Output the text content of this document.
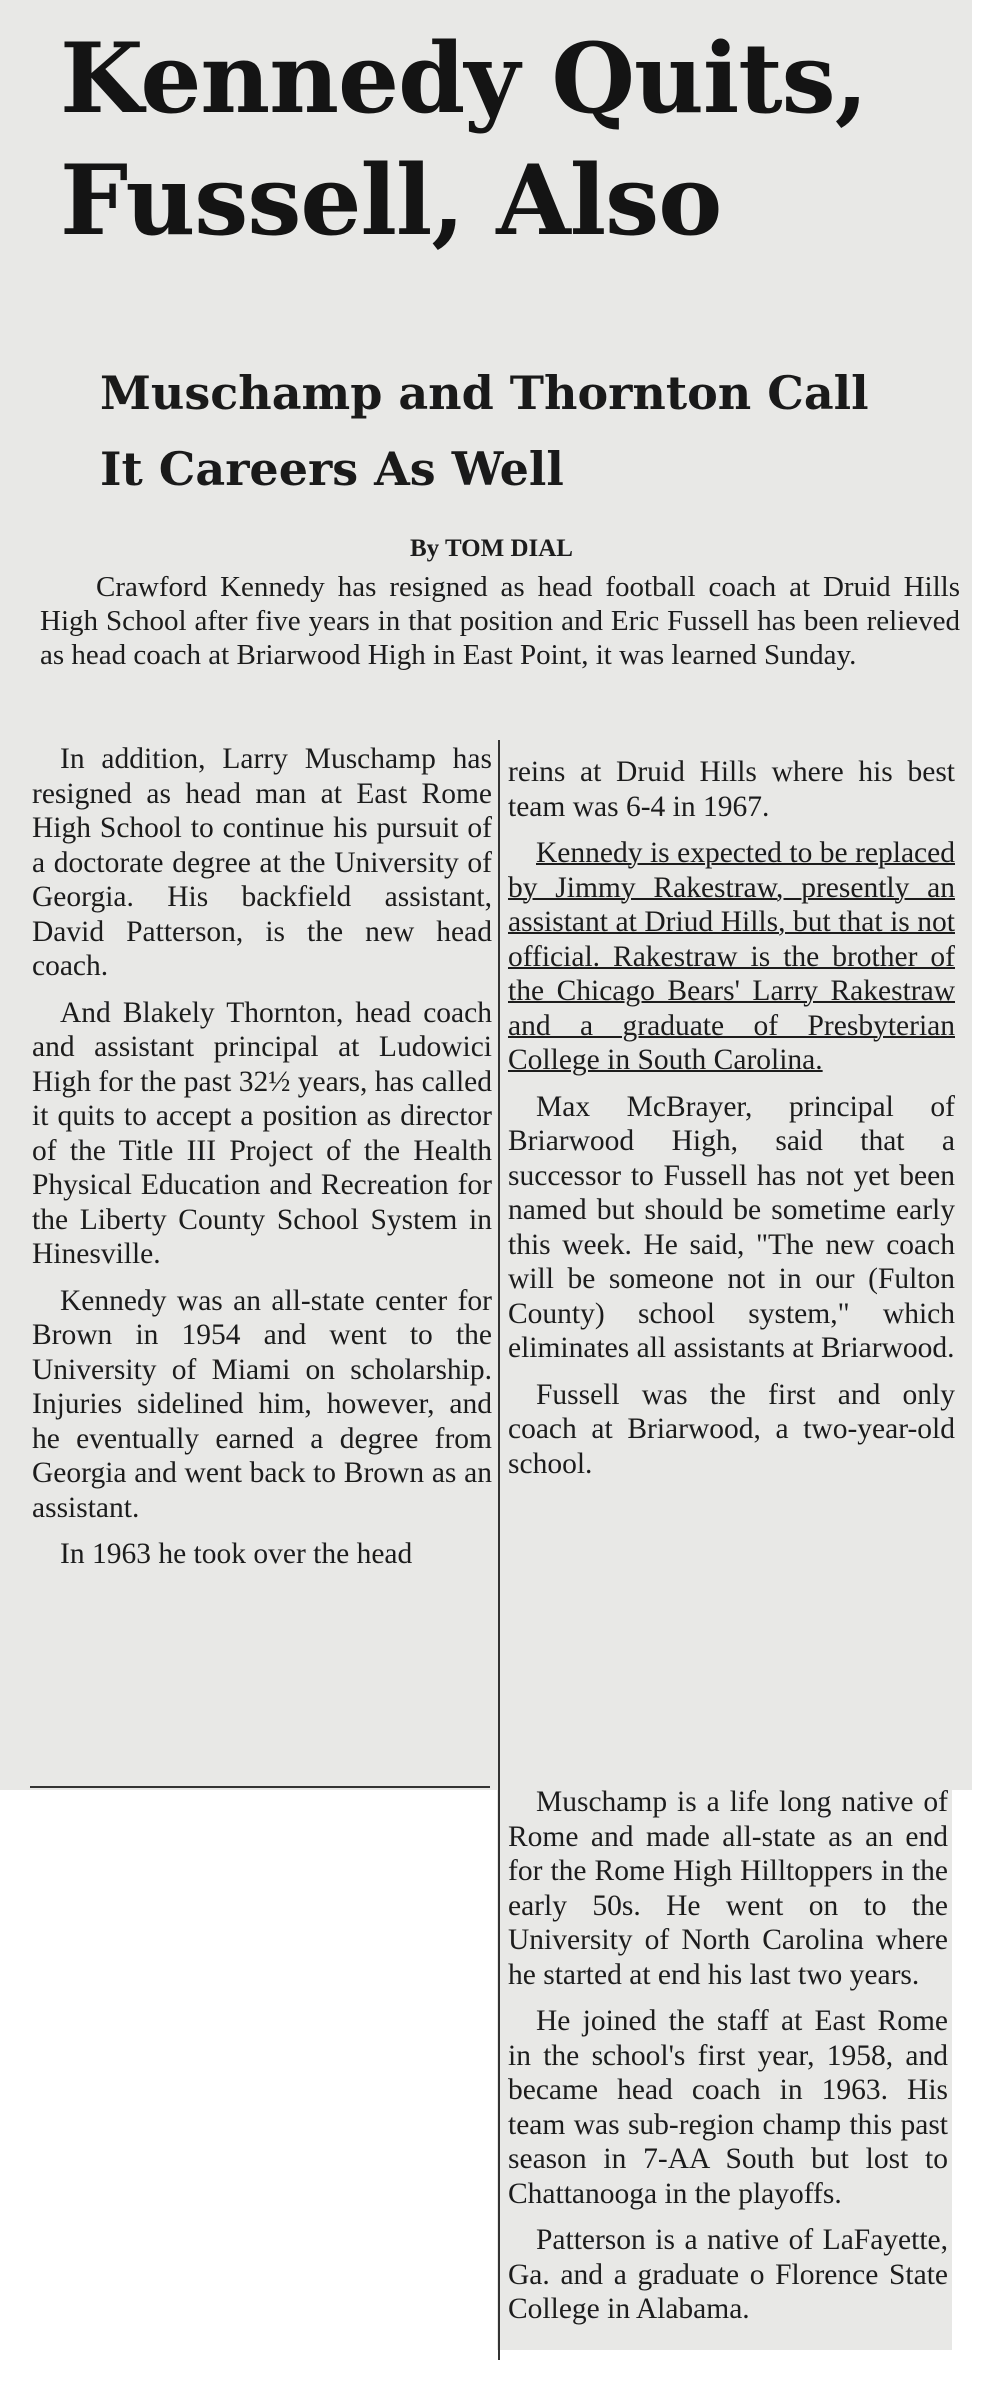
Kennedy Quits, Fussell, Also
Muschamp and Thornton Call It Careers As Well
By TOM DIAL

Crawford Kennedy has resigned as head football coach at Druid Hills High School after five years in that position and Eric Fussell has been relieved as head coach at Briarwood High in East Point, it was learned Sunday.

In addition, Larry Muschamp has resigned as head man at East Rome High School to continue his pursuit of a doctorate degree at the University of Georgia. His backfield assistant, David Patterson, is the new head coach.

And Blakely Thornton, head coach and assistant principal at Ludowici High for the past 32½ years, has called it quits to accept a position as director of the Title III Project of the Health Physical Education and Recreation for the Liberty County School System in Hinesville.

Kennedy was an all-state center for Brown in 1954 and went to the University of Miami on scholarship. Injuries sidelined him, however, and he eventually earned a degree from Georgia and went back to Brown as an assistant.

In 1963 he took over the head

reins at Druid Hills where his best team was 6-4 in 1967.

Kennedy is expected to be replaced by Jimmy Rakestraw, presently an assistant at Driud Hills, but that is not official. Rakestraw is the brother of the Chicago Bears' Larry Rakestraw and a graduate of Presbyterian College in South Carolina.

Max McBrayer, principal of Briarwood High, said that a successor to Fussell has not yet been named but should be sometime early this week. He said, "The new coach will be someone not in our (Fulton County) school system," which eliminates all assistants at Briarwood.

Fussell was the first and only coach at Briarwood, a two-year-old school.

Muschamp is a life long native of Rome and made all-state as an end for the Rome High Hilltoppers in the early 50s. He went on to the University of North Carolina where he started at end his last two years.

He joined the staff at East Rome in the school's first year, 1958, and became head coach in 1963. His team was sub-region champ this past season in 7-AA South but lost to Chattanooga in the playoffs.

Patterson is a native of LaFayette, Ga. and a graduate o Florence State College in Alabama.
